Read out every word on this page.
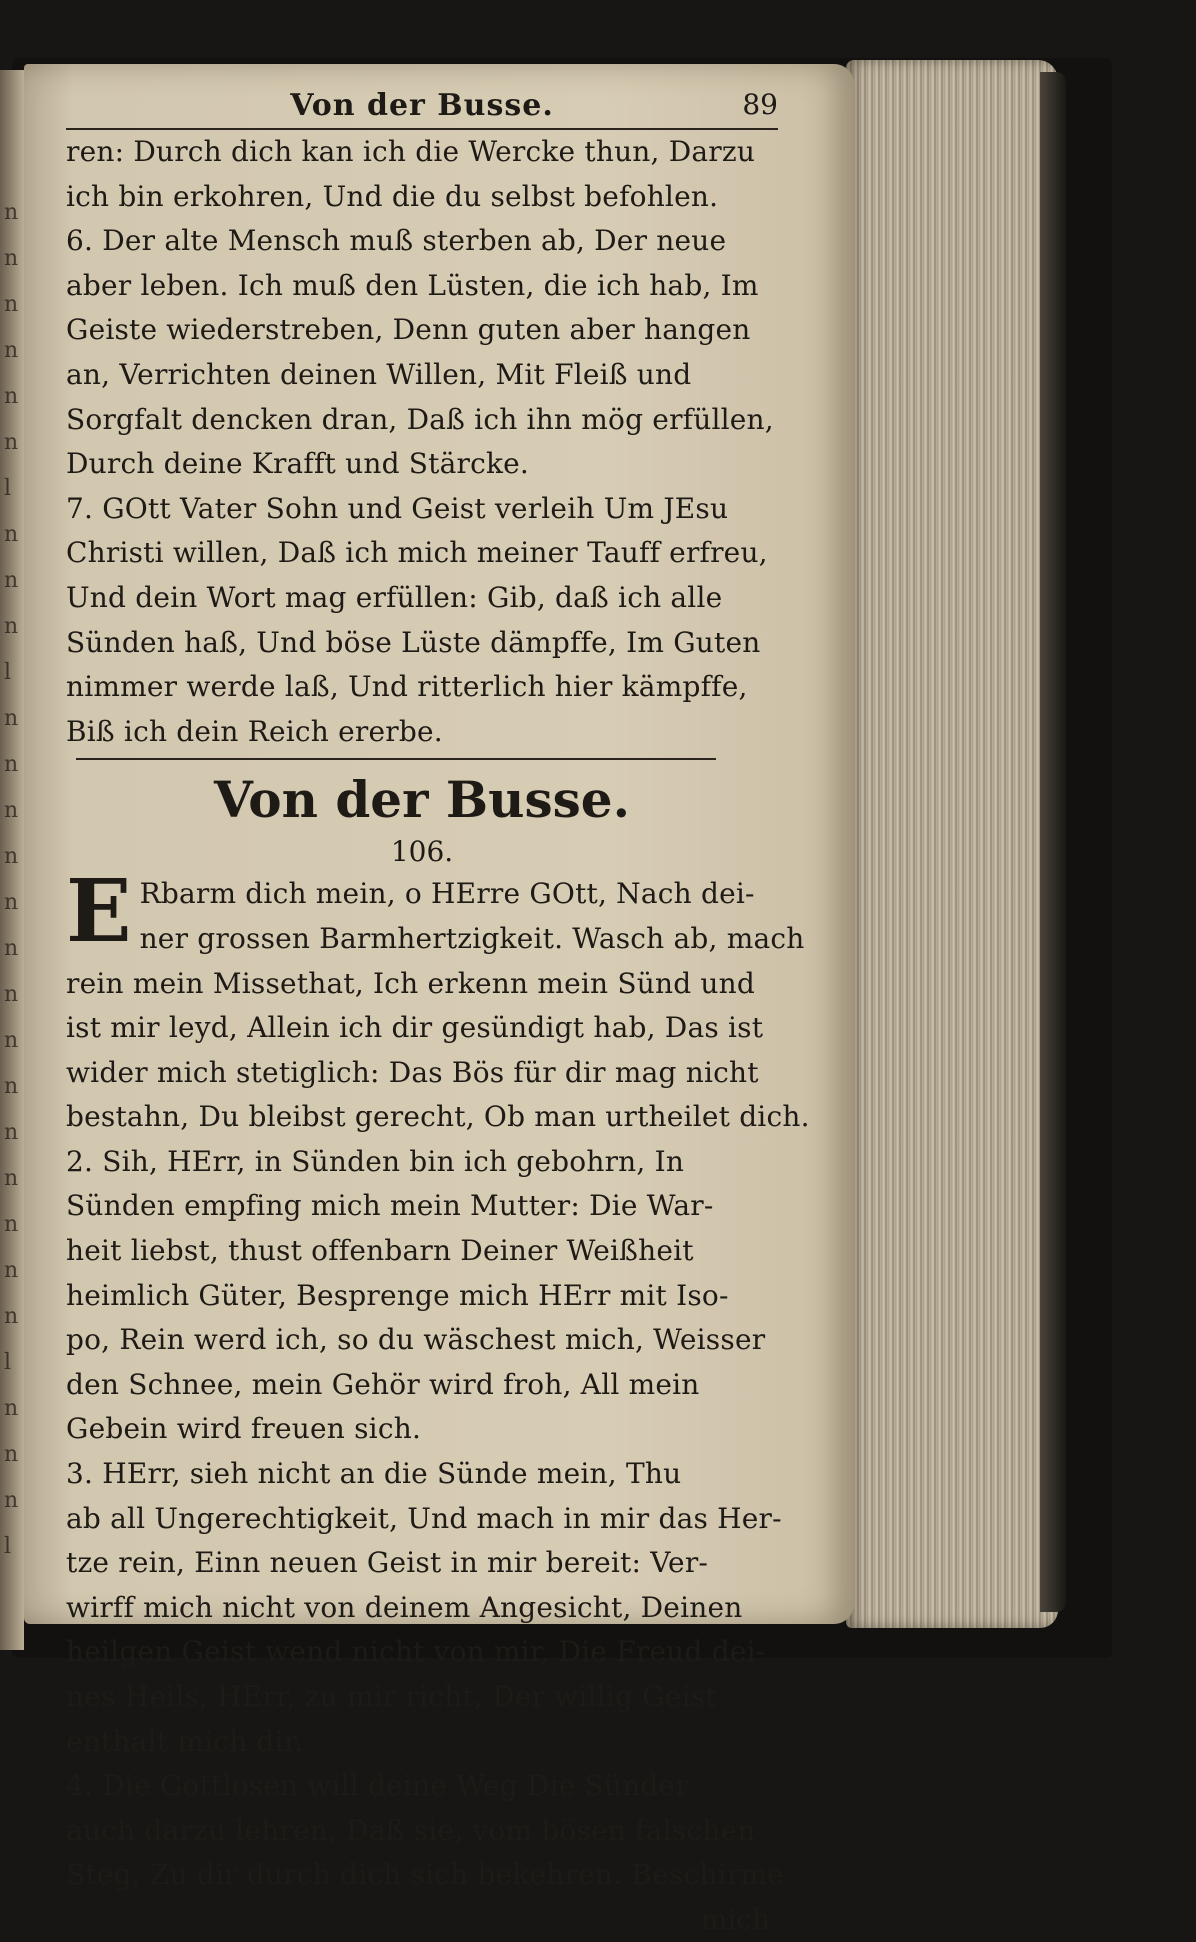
n
n
n
n
n
n
l
n
n
n
l
n
n
n
n
n
n
n
n
n
n
n
n
n
n
l
n
n
n
l
Von der Busse.	89
ren: Durch dich kan ich die Wercke thun, Darzu
ich bin erkohren, Und die du selbst befohlen.
6. Der alte Mensch muß sterben ab, Der neue
aber leben. Ich muß den Lüsten, die ich hab, Im
Geiste wiederstreben, Denn guten aber hangen
an, Verrichten deinen Willen, Mit Fleiß und
Sorgfalt dencken dran, Daß ich ihn mög erfüllen,
Durch deine Krafft und Stärcke.
7. GOtt Vater Sohn und Geist verleih Um JEsu
Christi willen, Daß ich mich meiner Tauff erfreu,
Und dein Wort mag erfüllen: Gib, daß ich alle
Sünden haß, Und böse Lüste dämpffe, Im Guten
nimmer werde laß, Und ritterlich hier kämpffe,
Biß ich dein Reich ererbe.
Von der Busse.
106.
E Rbarm dich mein, o HErre GOtt, Nach dei-
ner grossen Barmhertzigkeit. Wasch ab, mach
rein mein Missethat, Ich erkenn mein Sünd und
ist mir leyd, Allein ich dir gesündigt hab, Das ist
wider mich stetiglich: Das Bös für dir mag nicht
bestahn, Du bleibst gerecht, Ob man urtheilet dich.
2. Sih, HErr, in Sünden bin ich gebohrn, In
Sünden empfing mich mein Mutter: Die War-
heit liebst, thust offenbarn Deiner Weißheit
heimlich Güter, Besprenge mich HErr mit Iso-
po, Rein werd ich, so du wäschest mich, Weisser
den Schnee, mein Gehör wird froh, All mein
Gebein wird freuen sich.
3. HErr, sieh nicht an die Sünde mein, Thu
ab all Ungerechtigkeit, Und mach in mir das Her-
tze rein, Einn neuen Geist in mir bereit: Ver-
wirff mich nicht von deinem Angesicht, Deinen
heilgen Geist wend nicht von mir, Die Freud dei-
nes Heils, HErr, zu mir richt, Der willig Geist
enthalt mich dir.
4. Die Gottlosen will deine Weg Die Sünder
auch darzu lehren, Daß sie, vom bösen falschen
Steg, Zu dir durch dich sich bekehren. Beschirme
mich
